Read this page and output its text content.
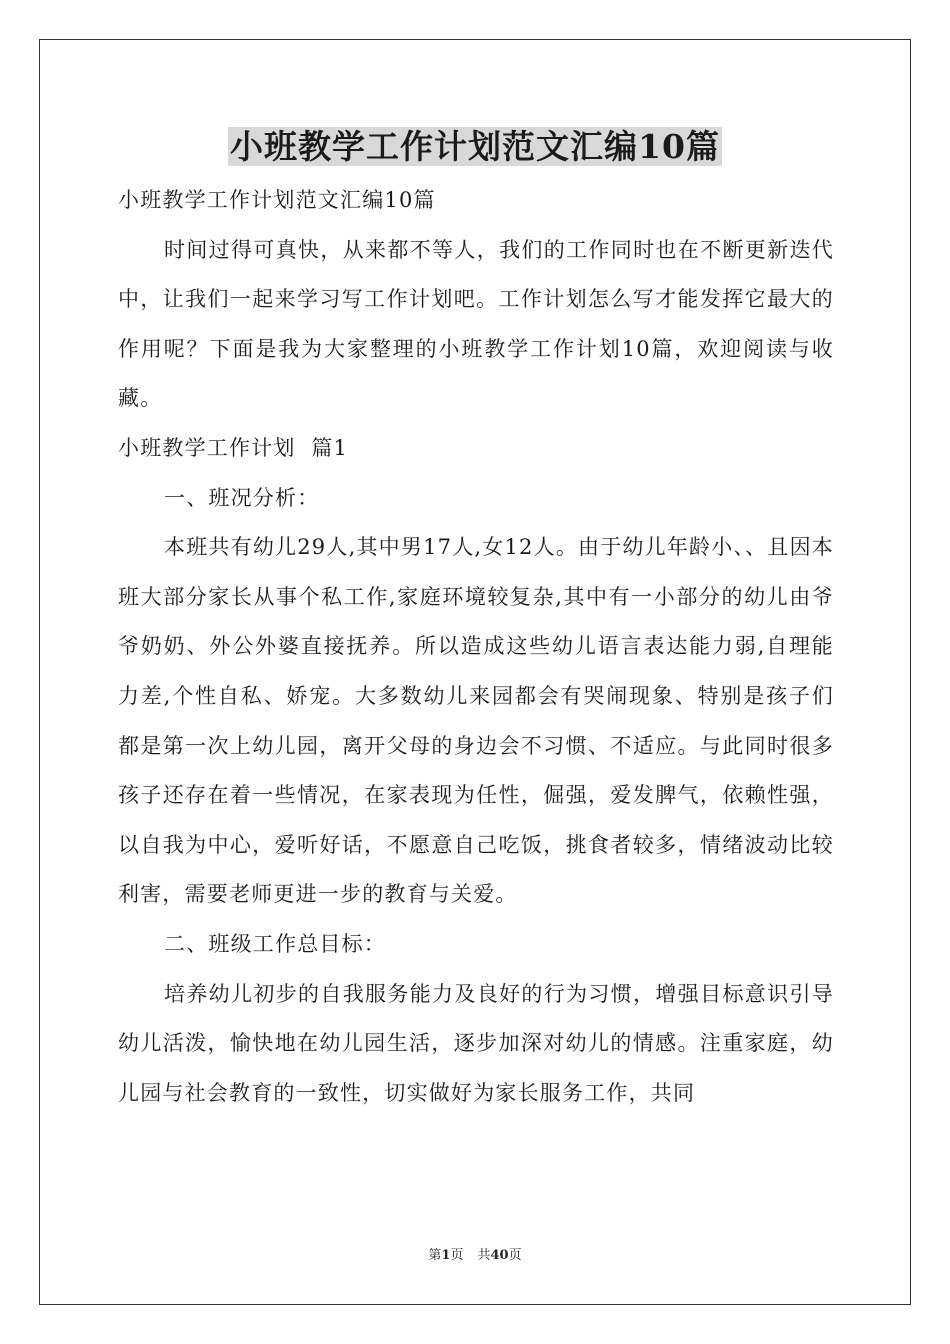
小班教学工作计划范文汇编10篇

小班教学工作计划范文汇编10篇

时间过得可真快，从来都不等人，我们的工作同时也在不断更新迭代中，让我们一起来学习写工作计划吧。工作计划怎么写才能发挥它最大的作用呢？下面是我为大家整理的小班教学工作计划10篇，欢迎阅读与收藏。

小班教学工作计划  篇1

一、班况分析：

本班共有幼儿29人,其中男17人,女12人。由于幼儿年龄小、、且因本班大部分家长从事个私工作,家庭环境较复杂,其中有一小部分的幼儿由爷爷奶奶、外公外婆直接抚养。所以造成这些幼儿语言表达能力弱,自理能力差,个性自私、娇宠。大多数幼儿来园都会有哭闹现象、特别是孩子们都是第一次上幼儿园，离开父母的身边会不习惯、不适应。与此同时很多孩子还存在着一些情况，在家表现为任性，倔强，爱发脾气，依赖性强，以自我为中心，爱听好话，不愿意自己吃饭，挑食者较多，情绪波动比较利害，需要老师更进一步的教育与关爱。

二、班级工作总目标：

培养幼儿初步的自我服务能力及良好的行为习惯，增强目标意识引导幼儿活泼，愉快地在幼儿园生活，逐步加深对幼儿的情感。注重家庭，幼儿园与社会教育的一致性，切实做好为家长服务工作，共同

第1页 共40页
